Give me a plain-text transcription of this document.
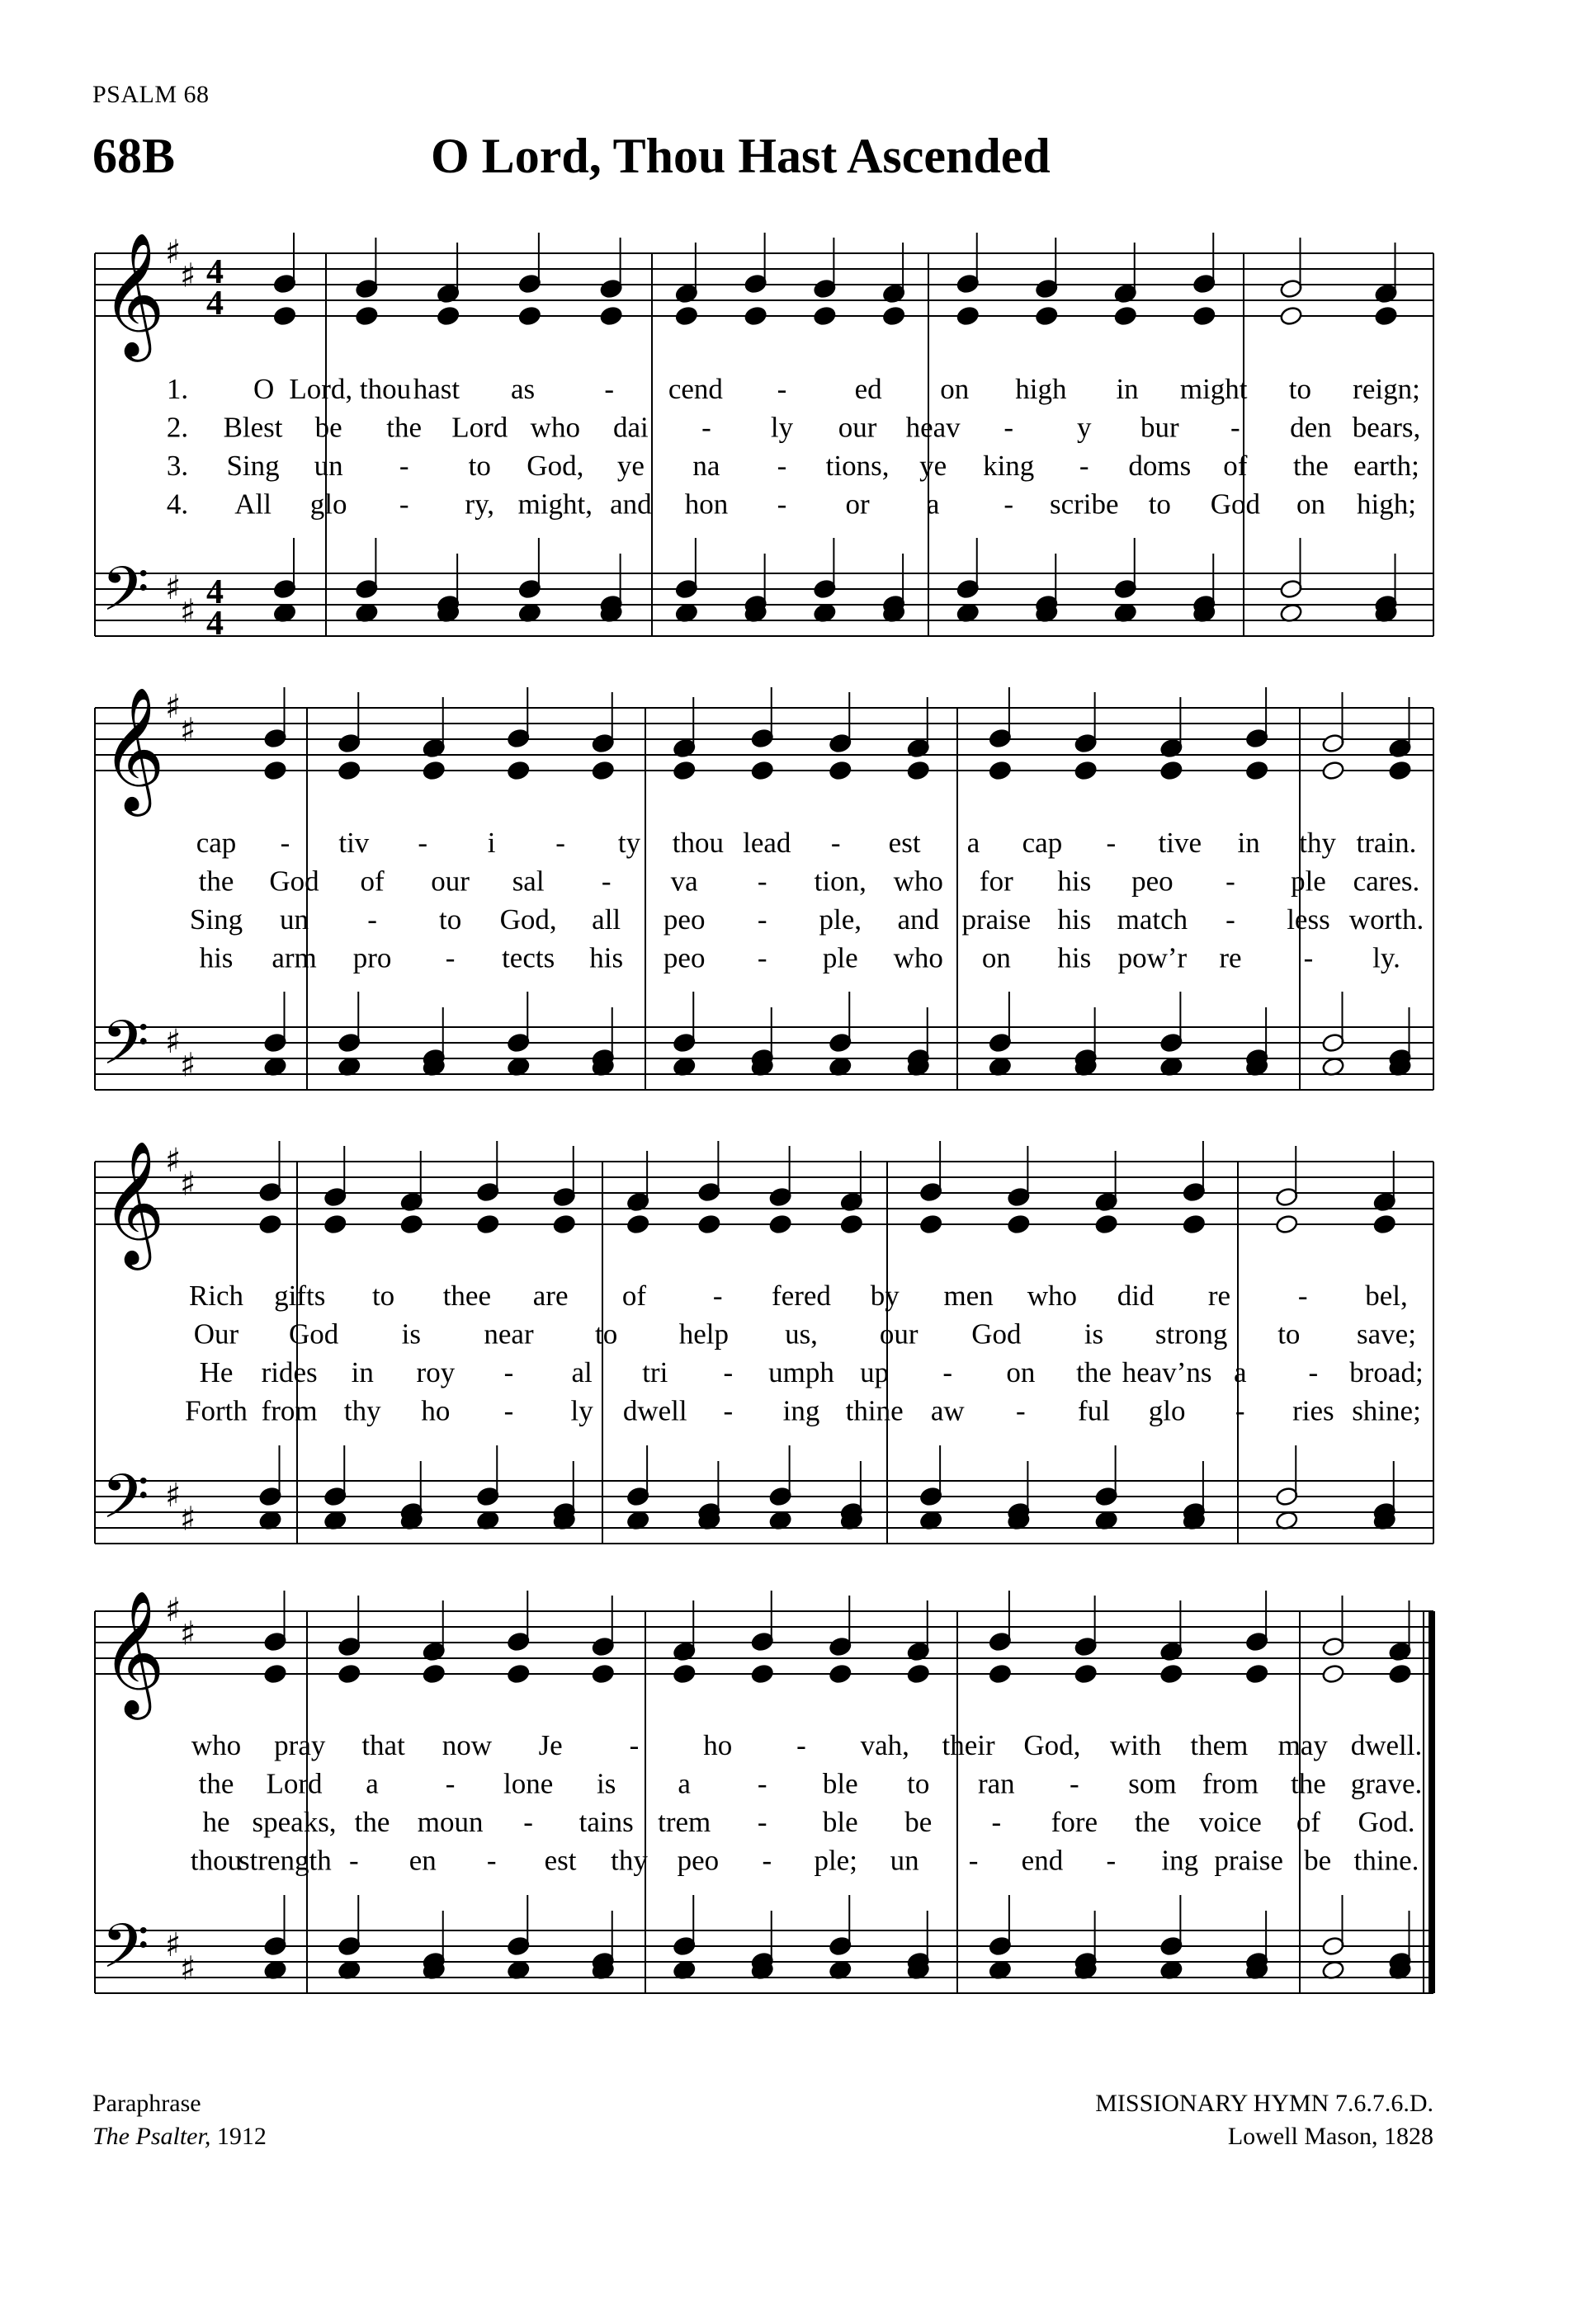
PSALM 68
68B	O Lord, Thou Hast Ascended
𝄞 ♯
♯ 4
4
𝄢 ♯
♯
4
4
𝄞 ♯
♯
𝄢 ♯
♯
𝄞 ♯
♯
𝄢 ♯
♯
𝄞 ♯
♯
𝄢 ♯
♯
1. O Lord, thou hast as - cend - ed on high in might to reign;
2. Blest be the Lord who dai - ly our heav - y bur - den bears,
3. Sing un - to God, ye na - tions, ye king - doms of the earth;
4. All glo - ry, might, and hon - or a - scribe to God on high;
cap - tiv - i - ty thou lead - est a cap - tive in thy train.
the God of our sal - va - tion, who for his peo - ple cares.
Sing un - to God, all peo - ple, and praise his match - less worth.
his arm pro - tects his peo - ple who on his pow’r re - ly.
Rich gifts to thee are of - fered by men who did re - bel,
Our God is near to help us, our God is strong to save;
He rides in roy - al tri - umph up - on the heav’ns a - broad;
Forth from thy ho - ly dwell - ing thine aw - ful glo - ries shine;
who pray that now Je - ho - vah, their God, with them may dwell.
the Lord a - lone is a - ble to ran - som from the grave.
he speaks, the moun - tains trem - ble be - fore the voice of God.
thou
strength - en - est thy peo - ple; un - end - ing praise be thine.
Paraphrase
The Psalter, 1912
MISSIONARY HYMN 7.6.7.6.D.
Lowell Mason, 1828
